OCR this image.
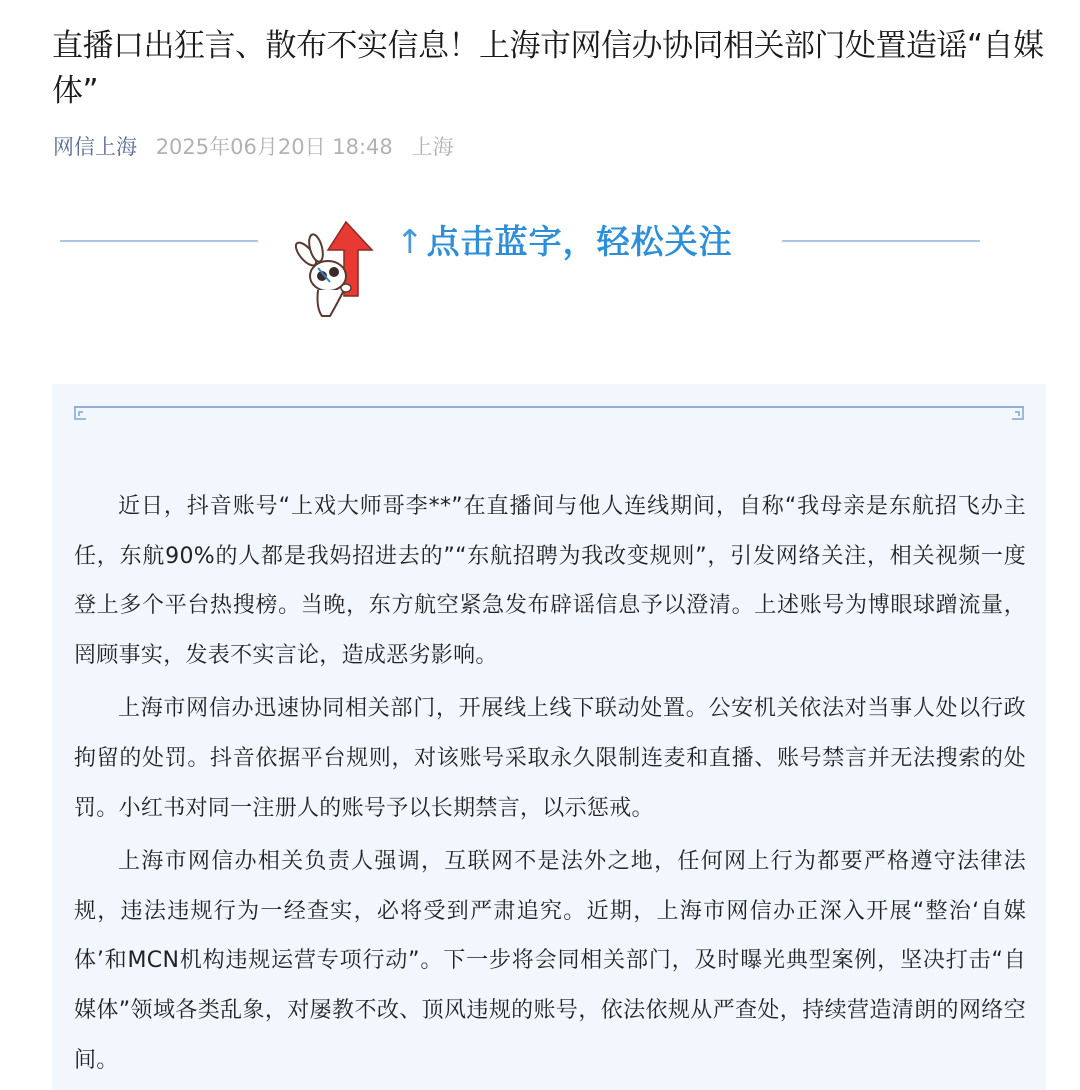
直播口出狂言、散布不实信息！上海市网信办协同相关部门处置造谣“自媒体”
网信上海 2025年06月20日 18:48 上海
↑点击蓝字，轻松关注

近日，抖音账号“上戏大师哥李**”在直播间与他人连线期间，自称“我母亲是东航招飞办主任，东航90%的人都是我妈招进去的”“东航招聘为我改变规则”，引发网络关注，相关视频一度登上多个平台热搜榜。当晚，东方航空紧急发布辟谣信息予以澄清。上述账号为博眼球蹭流量，罔顾事实，发表不实言论，造成恶劣影响。

上海市网信办迅速协同相关部门，开展线上线下联动处置。公安机关依法对当事人处以行政拘留的处罚。抖音依据平台规则，对该账号采取永久限制连麦和直播、账号禁言并无法搜索的处罚。小红书对同一注册人的账号予以长期禁言，以示惩戒。

上海市网信办相关负责人强调，互联网不是法外之地，任何网上行为都要严格遵守法律法规，违法违规行为一经查实，必将受到严肃追究。近期，上海市网信办正深入开展“整治‘自媒体’和MCN机构违规运营专项行动”。下一步将会同相关部门，及时曝光典型案例，坚决打击“自媒体”领域各类乱象，对屡教不改、顶风违规的账号，依法依规从严查处，持续营造清朗的网络空间。
